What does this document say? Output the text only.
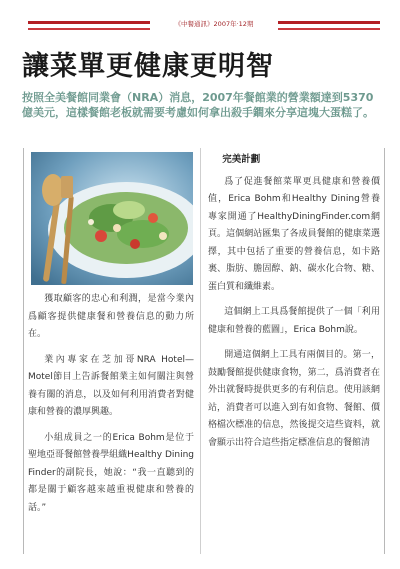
《中餐通訊》2007年·12期
讓菜單更健康更明智
按照全美餐館同業會（NRA）消息，2007年餐館業的營業額達到5370億美元，這樣餐館老板就需要考慮如何拿出殺手鐧來分享這塊大蛋糕了。

獲取顧客的忠心和利潤，是當今業內爲顧客提供健康餐和營養信息的動力所在。

業內專家在芝加哥NRA Hotel—Motel節目上告訴餐館業主如何關注與營養有關的消息，以及如何利用消費者對健康和營養的濃厚興趣。

小組成員之一的Erica Bohm是位于聖地亞哥餐館營養學組織Healthy Dining Finder的副院長，她說：“我一直聽到的都是關于顧客越來越重視健康和營養的話。”

完美計劃

爲了促進餐館菜單更具健康和營養價值，Erica Bohm和Healthy Dining營養專家開通了HealthyDiningFinder.com網頁。這個網站匯集了各成員餐館的健康菜選擇，其中包括了重要的營養信息，如卡路裏、脂肪、膽固醇、鈉、碳水化合物、糖、蛋白質和纖維素。

這個網上工具爲餐館提供了一個「利用健康和營養的藍圖」，Erica Bohm說。

開通這個網上工具有兩個目的。第一，鼓勵餐館提供健康食物，第二，爲消費者在外出就餐時提供更多的有利信息。使用該網站，消費者可以進入到有如食物、餐館、價格檔次標准的信息，然後提交這些資料，就會顯示出符合這些指定標准信息的餐館清
